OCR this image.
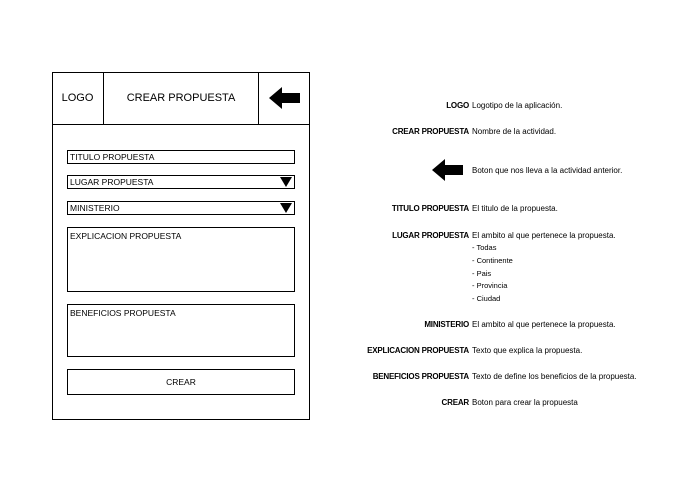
LOGO	CREAR PROPUESTA
TITULO PROPUESTA
LUGAR PROPUESTA
MINISTERIO
EXPLICACION PROPUESTA
BENEFICIOS PROPUESTA
CREAR
LOGO Logotipo de la aplicación.
CREAR PROPUESTA Nombre de la actividad.
Boton que nos lleva a la actividad anterior.
TITULO PROPUESTA El titulo de la propuesta.
LUGAR PROPUESTA El ambito al que pertenece la propuesta.
- Todas
- Continente
- Pais
- Provincia
- Ciudad
MINISTERIO El ambito al que pertenece la propuesta.
EXPLICACION PROPUESTA Texto que explica la propuesta.
BENEFICIOS PROPUESTA Texto de define los beneficios de la propuesta.
CREAR Boton para crear la propuesta
